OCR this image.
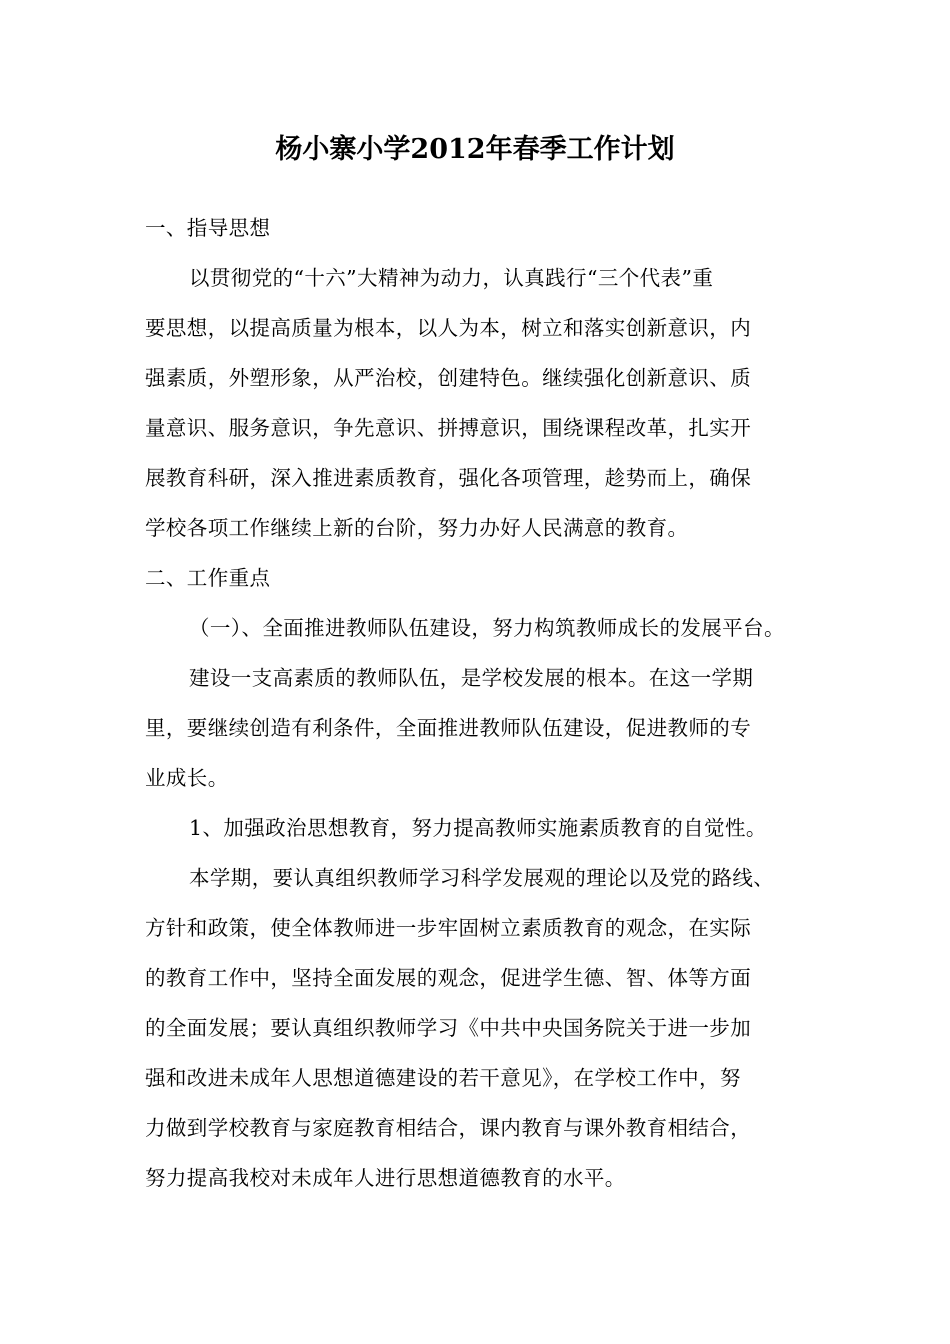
杨小寨小学2012年春季工作计划
一、指导思想
以贯彻党的“十六”大精神为动力，认真践行“三个代表”重
要思想，以提高质量为根本，以人为本，树立和落实创新意识，内
强素质，外塑形象，从严治校，创建特色。继续强化创新意识、质
量意识、服务意识，争先意识、拼搏意识，围绕课程改革，扎实开
展教育科研，深入推进素质教育，强化各项管理，趁势而上，确保
学校各项工作继续上新的台阶，努力办好人民满意的教育。
二、工作重点
（一）、全面推进教师队伍建设，努力构筑教师成长的发展平台。
建设一支高素质的教师队伍，是学校发展的根本。在这一学期
里，要继续创造有利条件，全面推进教师队伍建设，促进教师的专
业成长。
1、加强政治思想教育，努力提高教师实施素质教育的自觉性。
本学期，要认真组织教师学习科学发展观的理论以及党的路线、
方针和政策，使全体教师进一步牢固树立素质教育的观念，在实际
的教育工作中，坚持全面发展的观念，促进学生德、智、体等方面
的全面发展；要认真组织教师学习《中共中央国务院关于进一步加
强和改进未成年人思想道德建设的若干意见》，在学校工作中，努
力做到学校教育与家庭教育相结合，课内教育与课外教育相结合，
努力提高我校对未成年人进行思想道德教育的水平。
